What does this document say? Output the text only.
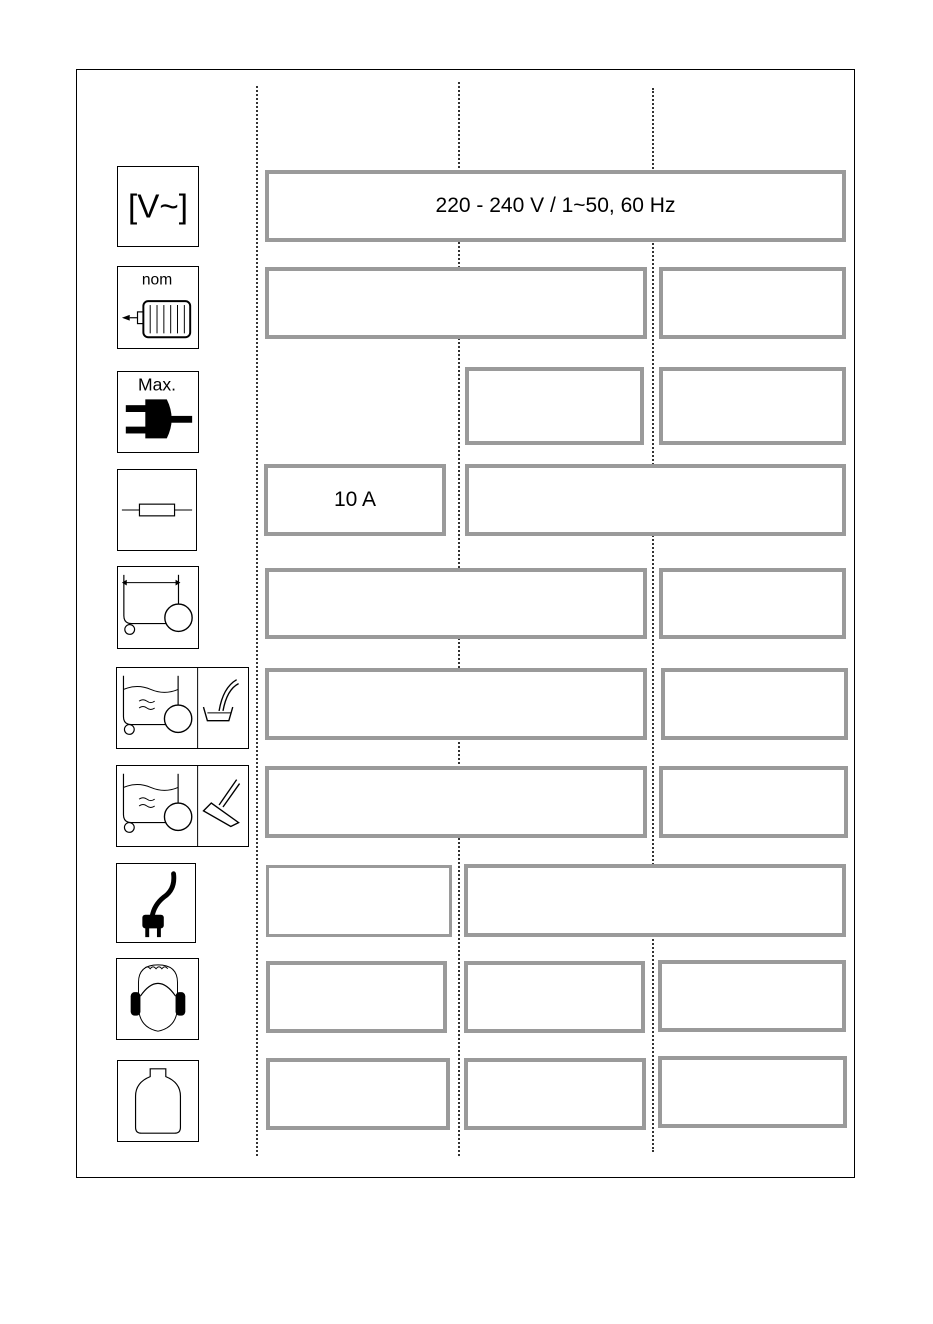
[V~]
nom
Max.
220 - 240 V / 1~50, 60 Hz
10 A
